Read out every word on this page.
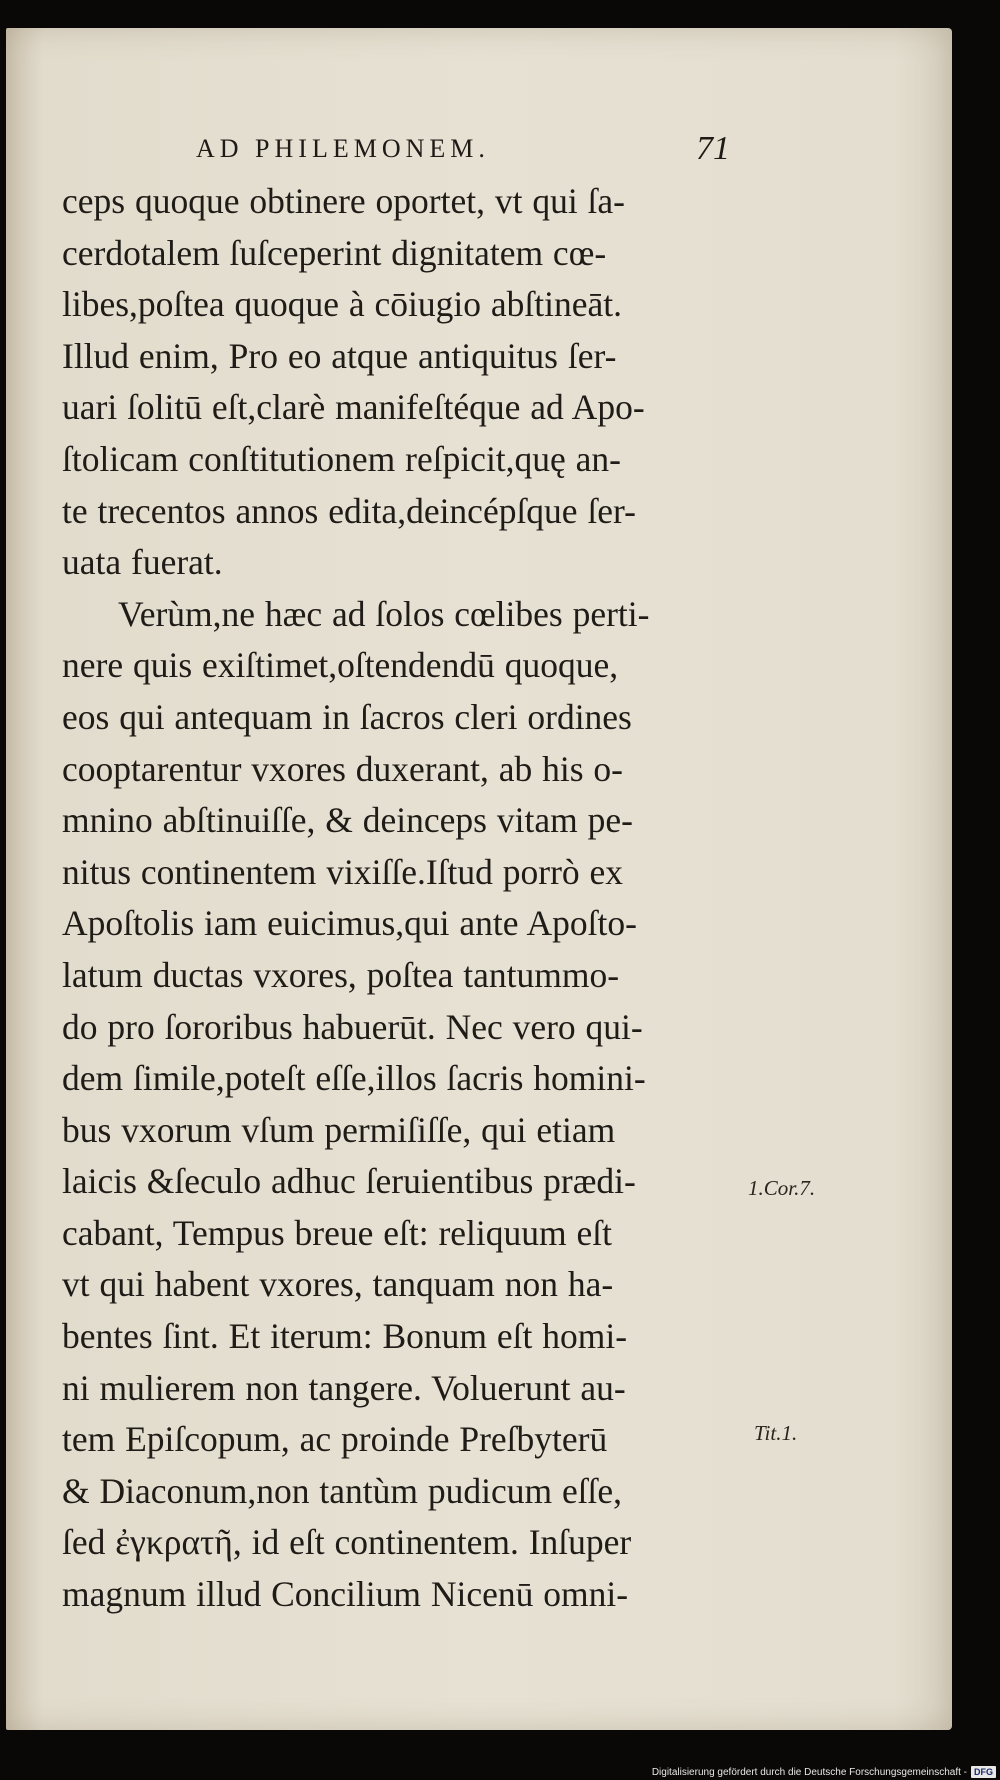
AD PHILEMONEM.	71
ceps quoque obtinere oportet, vt qui ſa-
cerdotalem ſuſceperint dignitatem cœ-
libes,poſtea quoque à cōiugio abſtineāt.
Illud enim, Pro eo atque antiquitus ſer-
uari ſolitū eſt,clarè manifeſtéque ad Apo-
ſtolicam conſtitutionem reſpicit,quę an-
te trecentos annos edita,deincépſque ſer-
uata fuerat.
Verùm,ne hæc ad ſolos cœlibes perti-
nere quis exiſtimet,oſtendendū quoque,
eos qui antequam in ſacros cleri ordines
cooptarentur vxores duxerant, ab his o-
mnino abſtinuiſſe, & deinceps vitam pe-
nitus continentem vixiſſe.Iſtud porrò ex
Apoſtolis iam euicimus,qui ante Apoſto-
latum ductas vxores, poſtea tantummo-
do pro ſororibus habuerūt. Nec vero qui-
dem ſimile,poteſt eſſe,illos ſacris homini-
bus vxorum vſum permiſiſſe, qui etiam
laicis &ſeculo adhuc ſeruientibus prædi-
cabant, Tempus breue eſt: reliquum eſt
vt qui habent vxores, tanquam non ha-
bentes ſint. Et iterum: Bonum eſt homi-
ni mulierem non tangere. Voluerunt au-
tem Epiſcopum, ac proinde Preſbyterū
& Diaconum,non tantùm pudicum eſſe,
ſed ἐγκρατῆ, id eſt continentem. Inſuper
magnum illud Concilium Nicenū omni-
1.Cor.7.
Tit.1.
Digitalisierung gefördert durch die Deutsche Forschungsgemeinschaft - DFG
